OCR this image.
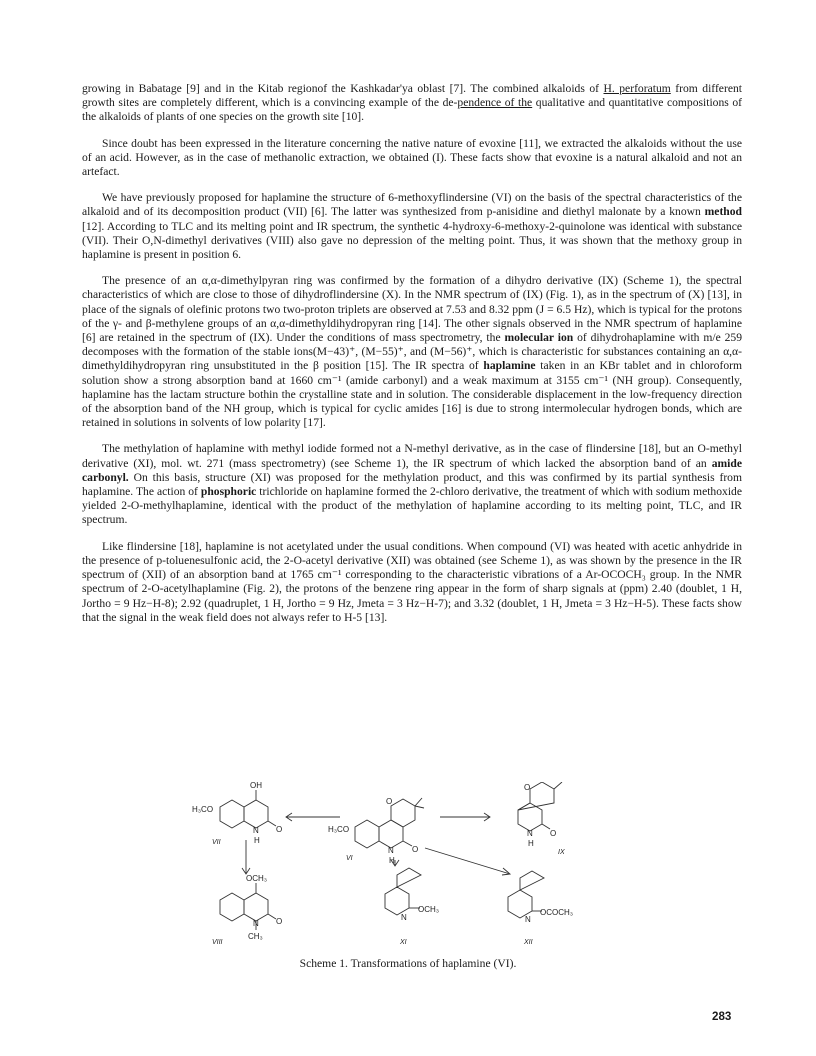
growing in Babatage [9] and in the Kitab regionof the Kashkadar'ya oblast [7]. The combined alkaloids of H. perforatum from different growth sites are completely different, which is a convincing example of the de-pendence of the qualitative and quantitative compositions of the alkaloids of plants of one species on the growth site [10].

Since doubt has been expressed in the literature concerning the native nature of evoxine [11], we extracted the alkaloids without the use of an acid. However, as in the case of methanolic extraction, we obtained (I). These facts show that evoxine is a natural alkaloid and not an artefact.

We have previously proposed for haplamine the structure of 6-methoxyflindersine (VI) on the basis of the spectral characteristics of the alkaloid and of its decomposition product (VII) [6]. The latter was synthesized from p-anisidine and diethyl malonate by a known method [12]. According to TLC and its melting point and IR spectrum, the synthetic 4-hydroxy-6-methoxy-2-quinolone was identical with substance (VII). Their O,N-dimethyl derivatives (VIII) also gave no depression of the melting point. Thus, it was shown that the methoxy group in haplamine is present in position 6.

The presence of an α,α-dimethylpyran ring was confirmed by the formation of a dihydro derivative (IX) (Scheme 1), the spectral characteristics of which are close to those of dihydroflindersine (X). In the NMR spectrum of (IX) (Fig. 1), as in the spectrum of (X) [13], in place of the signals of olefinic protons two two-proton triplets are observed at 7.53 and 8.32 ppm (J = 6.5 Hz), which is typical for the protons of the γ- and β-methylene groups of an α,α-dimethyldihydropyran ring [14]. The other signals observed in the NMR spectrum of haplamine [6] are retained in the spectrum of (IX). Under the conditions of mass spectrometry, the molecular ion of dihydrohaplamine with m/e 259 decomposes with the formation of the stable ions(M−43)⁺, (M−55)⁺, and (M−56)⁺, which is characteristic for substances containing an α,α-dimethyldihydropyran ring unsubstituted in the β position [15]. The IR spectra of haplamine taken in an KBr tablet and in chloroform solution show a strong absorption band at 1660 cm⁻¹ (amide carbonyl) and a weak maximum at 3155 cm⁻¹ (NH group). Consequently, haplamine has the lactam structure bothin the crystalline state and in solution. The considerable displacement in the low-frequency direction of the absorption band of the NH group, which is typical for cyclic amides [16] is due to strong intermolecular hydrogen bonds, which are retained in solutions in solvents of low polarity [17].

The methylation of haplamine with methyl iodide formed not a N-methyl derivative, as in the case of flindersine [18], but an O-methyl derivative (XI), mol. wt. 271 (mass spectrometry) (see Scheme 1), the IR spectrum of which lacked the absorption band of an amide carbonyl. On this basis, structure (XI) was proposed for the methylation product, and this was confirmed by its partial synthesis from haplamine. The action of phosphoric trichloride on haplamine formed the 2-chloro derivative, the treatment of which with sodium methoxide yielded 2-O-methylhaplamine, identical with the product of the methylation of haplamine according to its melting point, TLC, and IR spectrum.

Like flindersine [18], haplamine is not acetylated under the usual conditions. When compound (VI) was heated with acetic anhydride in the presence of p-toluenesulfonic acid, the 2-O-acetyl derivative (XII) was obtained (see Scheme 1), as was shown by the presence in the IR spectrum of (XII) of an absorption band at 1765 cm⁻¹ corresponding to the characteristic vibrations of a Ar-OCOCH₃ group. In the NMR spectrum of 2-O-acetylhaplamine (Fig. 2), the protons of the benzene ring appear in the form of sharp signals at (ppm) 2.40 (doublet, 1 H, Jortho = 9 Hz−H-8); 2.92 (quadruplet, 1 H, Jortho = 9 Hz, Jmeta = 3 Hz−H-7); and 3.32 (doublet, 1 H, Jmeta = 3 Hz−H-5). These facts show that the signal in the weak field does not always refer to H-5 [13].

H₃CO
OH
N
H
O
VII
H₃CO
N
H
O
O
VI
O
N
H
O
IX
OCH₃
N
CH₃
O
VIII
N
OCH₃
XI
N
OCOCH₃
XII
Scheme 1. Transformations of haplamine (VI).
283
